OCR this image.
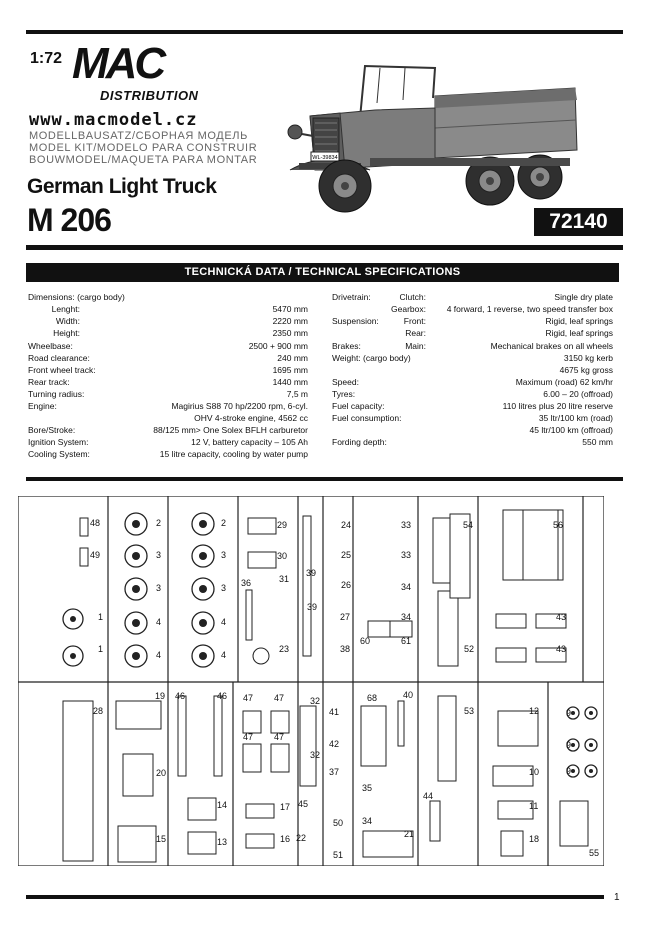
1:72 MAC
DISTRIBUTION
www.macmodel.cz
MODELLBAUSATZ/СБОРНАЯ МОДЕЛЬ
MODEL KIT/MODELO PARA CONSTRUIR
BOUWMODEL/MAQUETA PARA MONTAR
German Light Truck
M 206	72140
WL-39834
TECHNICKÁ DATA / TECHNICAL SPECIFICATIONS
Dimensions: (cargo body)
Lenght:	5470 mm
Width:	2220 mm
Height:	2350 mm
Wheelbase:	2500 + 900 mm
Road clearance:	240 mm
Front wheel track:	1695 mm
Rear track:	1440 mm
Turning radius:	7,5 m
Engine:	Magirius S88 70 hp/2200 rpm, 6-cyl.
OHV 4-stroke engine, 4562 cc
Bore/Stroke:	88/125 mm> One Solex BFLH carburetor
Ignition System:	12 V, battery capacity – 105 Ah
Cooling System:	15 litre capacity, cooling by water pump
Drivetrain:	Clutch:	Single dry plate
Gearbox: 4 forward, 1 reverse, two speed transfer box
Suspension:	Front:	Rigid, leaf springs
Rear:	Rigid, leaf springs
Brakes:	Main:	Mechanical brakes on all wheels
Weight: (cargo body)	3150 kg kerb
4675 kg gross
Speed:	Maximum (road) 62 km/hr
Tyres:	6.00 – 20 (offroad)
Fuel capacity:	110 litres plus 20 litre reserve
Fuel consumption:	35 ltr/100 km (road)
45 ltr/100 km (offroad)
Fording depth:	550 mm
48
49
1
1
2
3
3
4
4
2
3
3
4
4
29
30
36	31
23
39
39
24
25
26
27
38
33
33
34
34
60	61
54
52
56
43
43
28
19
20
15
46	46
14
13
47 47
47 47
17
16
32
32
45
22
41
42
37
50
51
68	40
35
34
21
53
44
12
10
11
18
9
9
9
55
1
